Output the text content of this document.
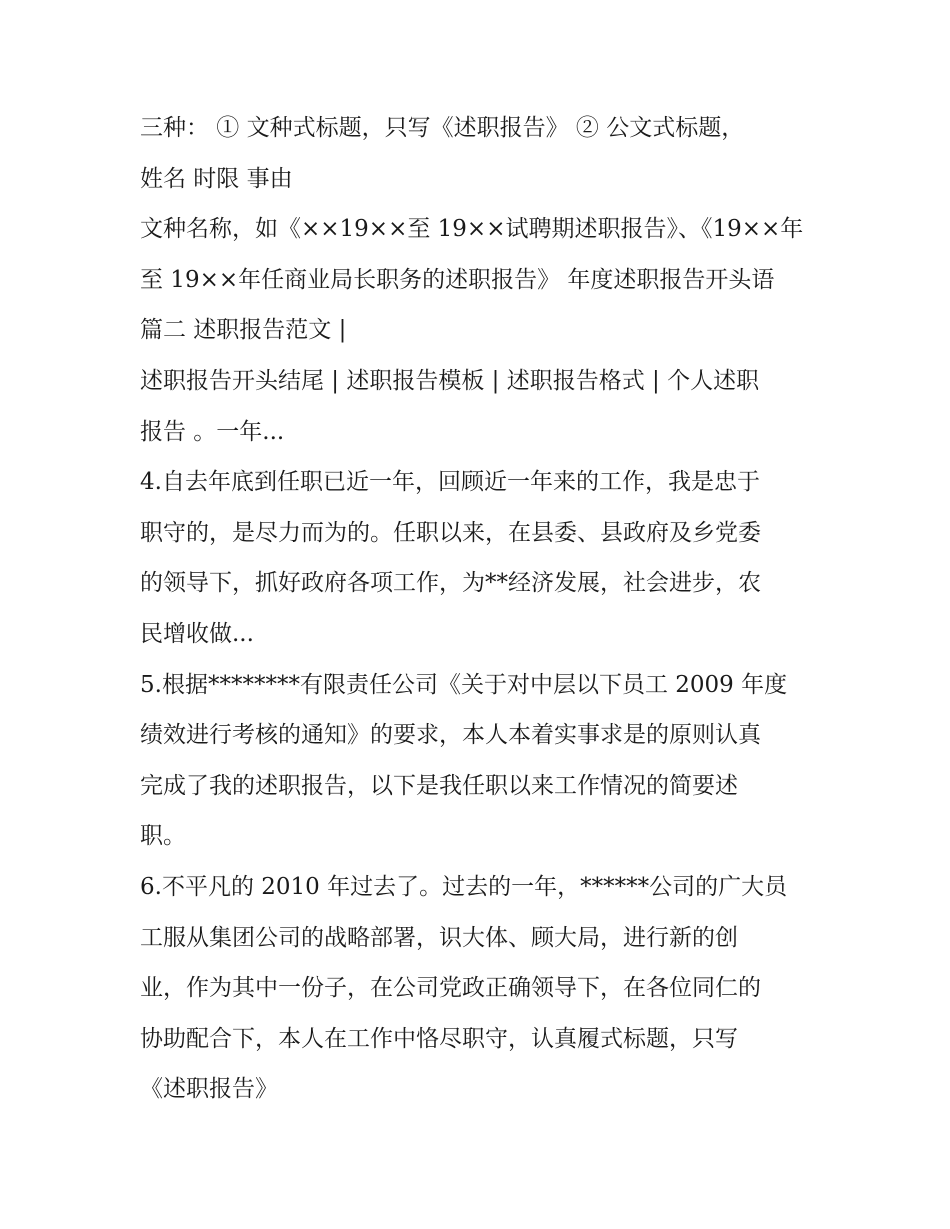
三种： ① 文种式标题，只写《述职报告》 ② 公文式标题，
姓名 时限 事由
文种名称，如《××19××至 19××试聘期述职报告》、《19××年
至 19××年任商业局长职务的述职报告》 年度述职报告开头语
篇二 述职报告范文 |
述职报告开头结尾 | 述职报告模板 | 述职报告格式 | 个人述职
报告 。一年...
4.自去年底到任职已近一年，回顾近一年来的工作，我是忠于
职守的，是尽力而为的。任职以来，在县委、县政府及乡党委
的领导下，抓好政府各项工作，为**经济发展，社会进步，农
民增收做...
5.根据********有限责任公司《关于对中层以下员工 2009 年度
绩效进行考核的通知》的要求，本人本着实事求是的原则认真
完成了我的述职报告，以下是我任职以来工作情况的简要述
职。
6.不平凡的 2010 年过去了。过去的一年，******公司的广大员
工服从集团公司的战略部署，识大体、顾大局，进行新的创
业，作为其中一份子，在公司党政正确领导下，在各位同仁的
协助配合下，本人在工作中恪尽职守，认真履式标题，只写
《述职报告》
